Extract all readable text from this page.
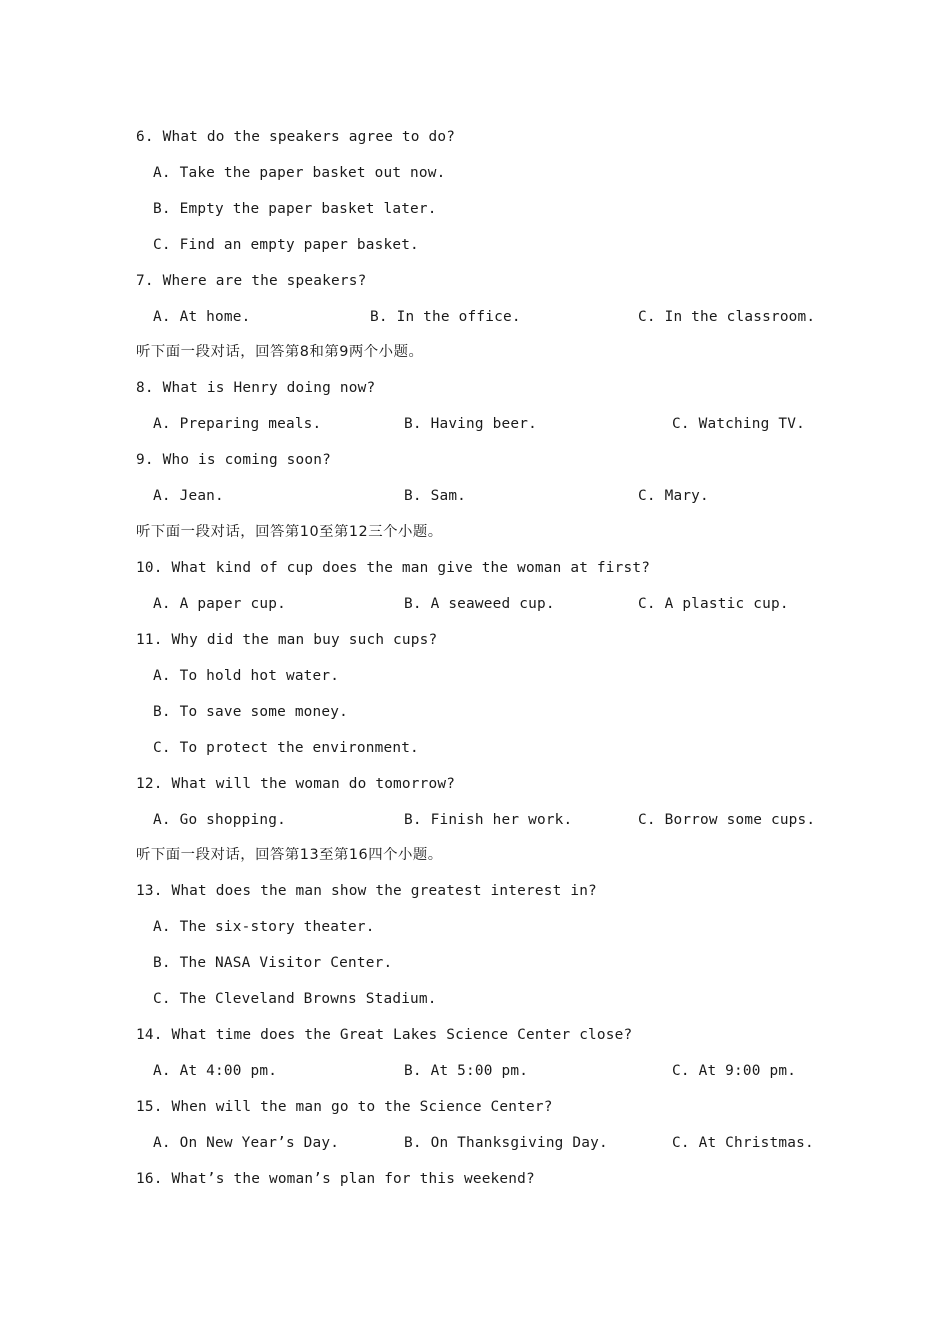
6. What do the speakers agree to do?
A. Take the paper basket out now.
B. Empty the paper basket later.
C. Find an empty paper basket.
7. Where are the speakers?
A. At home.	B. In the office.	C. In the classroom.
听下面一段对话，回答第8和第9两个小题。
8. What is Henry doing now?
A. Preparing meals.	B. Having beer.	C. Watching TV.
9. Who is coming soon?
A. Jean.	B. Sam.	C. Mary.
听下面一段对话，回答第10至第12三个小题。
10. What kind of cup does the man give the woman at first?
A. A paper cup.	B. A seaweed cup.	C. A plastic cup.
11. Why did the man buy such cups?
A. To hold hot water.
B. To save some money.
C. To protect the environment.
12. What will the woman do tomorrow?
A. Go shopping.	B. Finish her work.	C. Borrow some cups.
听下面一段对话，回答第13至第16四个小题。
13. What does the man show the greatest interest in?
A. The six-story theater.
B. The NASA Visitor Center.
C. The Cleveland Browns Stadium.
14. What time does the Great Lakes Science Center close?
A. At 4:00 pm.	B. At 5:00 pm.	C. At 9:00 pm.
15. When will the man go to the Science Center?
A. On New Year’s Day.	B. On Thanksgiving Day.	C. At Christmas.
16. What’s the woman’s plan for this weekend?
